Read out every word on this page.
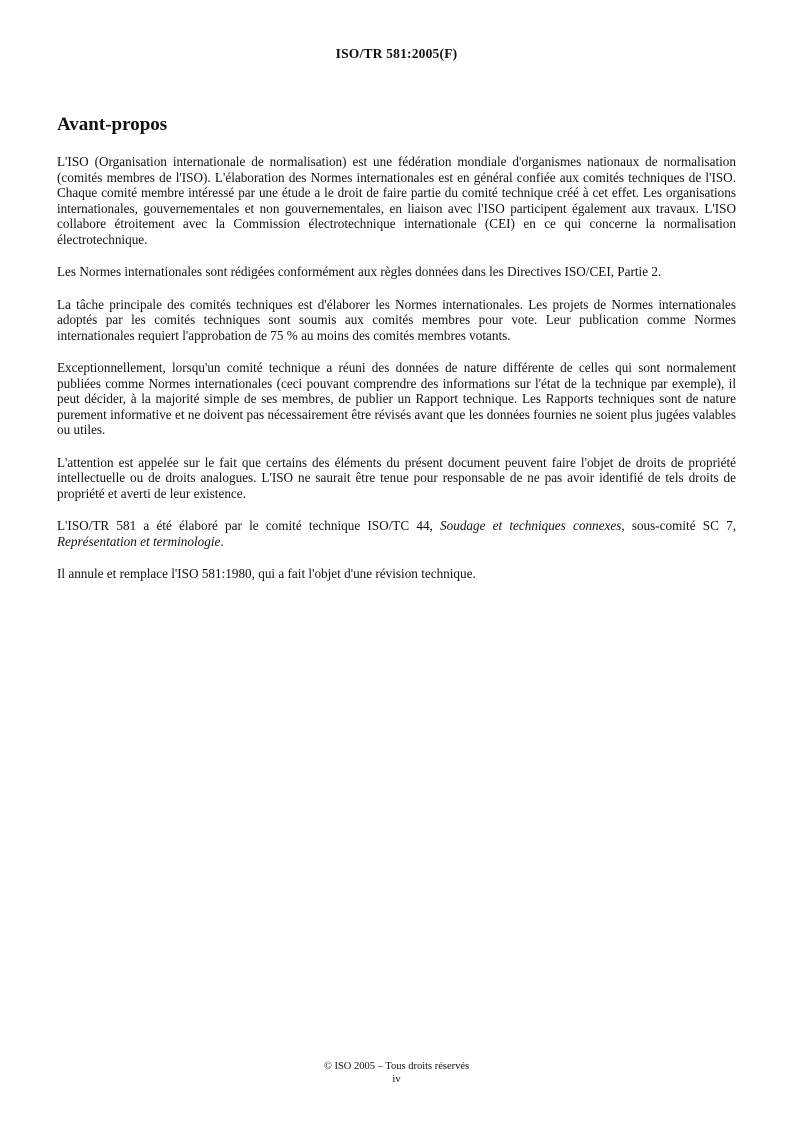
ISO/TR 581:2005(F)
Avant-propos

L'ISO (Organisation internationale de normalisation) est une fédération mondiale d'organismes nationaux de normalisation (comités membres de l'ISO). L'élaboration des Normes internationales est en général confiée aux comités techniques de l'ISO. Chaque comité membre intéressé par une étude a le droit de faire partie du comité technique créé à cet effet. Les organisations internationales, gouvernementales et non gouvernementales, en liaison avec l'ISO participent également aux travaux. L'ISO collabore étroitement avec la Commission électrotechnique internationale (CEI) en ce qui concerne la normalisation électrotechnique.

Les Normes internationales sont rédigées conformément aux règles données dans les Directives ISO/CEI, Partie 2.

La tâche principale des comités techniques est d'élaborer les Normes internationales. Les projets de Normes internationales adoptés par les comités techniques sont soumis aux comités membres pour vote. Leur publication comme Normes internationales requiert l'approbation de 75 % au moins des comités membres votants.

Exceptionnellement, lorsqu'un comité technique a réuni des données de nature différente de celles qui sont normalement publiées comme Normes internationales (ceci pouvant comprendre des informations sur l'état de la technique par exemple), il peut décider, à la majorité simple de ses membres, de publier un Rapport technique. Les Rapports techniques sont de nature purement informative et ne doivent pas nécessairement être révisés avant que les données fournies ne soient plus jugées valables ou utiles.

L'attention est appelée sur le fait que certains des éléments du présent document peuvent faire l'objet de droits de propriété intellectuelle ou de droits analogues. L'ISO ne saurait être tenue pour responsable de ne pas avoir identifié de tels droits de propriété et averti de leur existence.

L'ISO/TR 581 a été élaboré par le comité technique ISO/TC 44, Soudage et techniques connexes, sous-comité SC 7, Représentation et terminologie.

Il annule et remplace l'ISO 581:1980, qui a fait l'objet d'une révision technique.

© ISO 2005 – Tous droits réservés
iv
